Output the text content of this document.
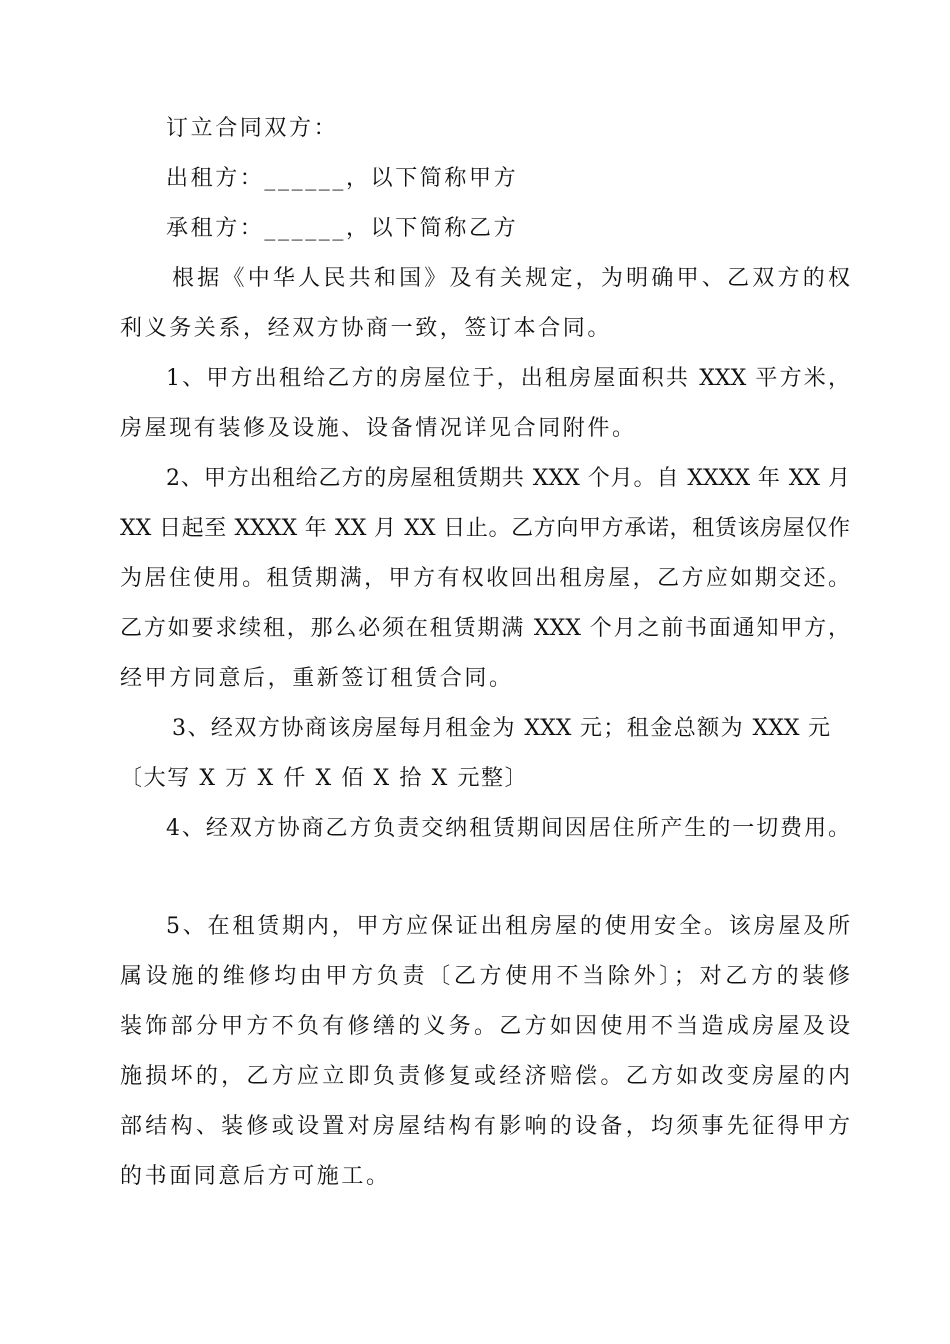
订立合同双方：
出租方：______，以下简称甲方
承租方：______，以下简称乙方
根据《中华人民共和国》及有关规定，为明确甲、乙双方的权
利义务关系，经双方协商一致，签订本合同。
1、甲方出租给乙方的房屋位于，出租房屋面积共 XXX 平方米，
房屋现有装修及设施、设备情况详见合同附件。
2、甲方出租给乙方的房屋租赁期共 XXX 个月。自 XXXX 年 XX 月
XX 日起至 XXXX 年 XX 月 XX 日止。乙方向甲方承诺，租赁该房屋仅作
为居住使用。租赁期满，甲方有权收回出租房屋，乙方应如期交还。
乙方如要求续租，那么必须在租赁期满 XXX 个月之前书面通知甲方，
经甲方同意后，重新签订租赁合同。
3、经双方协商该房屋每月租金为 XXX 元；租金总额为 XXX 元
〔大写 X 万 X 仟 X 佰 X 拾 X 元整〕
4、经双方协商乙方负责交纳租赁期间因居住所产生的一切费用。
5、在租赁期内，甲方应保证出租房屋的使用安全。该房屋及所
属设施的维修均由甲方负责〔乙方使用不当除外〕；对乙方的装修
装饰部分甲方不负有修缮的义务。乙方如因使用不当造成房屋及设
施损坏的，乙方应立即负责修复或经济赔偿。乙方如改变房屋的内
部结构、装修或设置对房屋结构有影响的设备，均须事先征得甲方
的书面同意后方可施工。
